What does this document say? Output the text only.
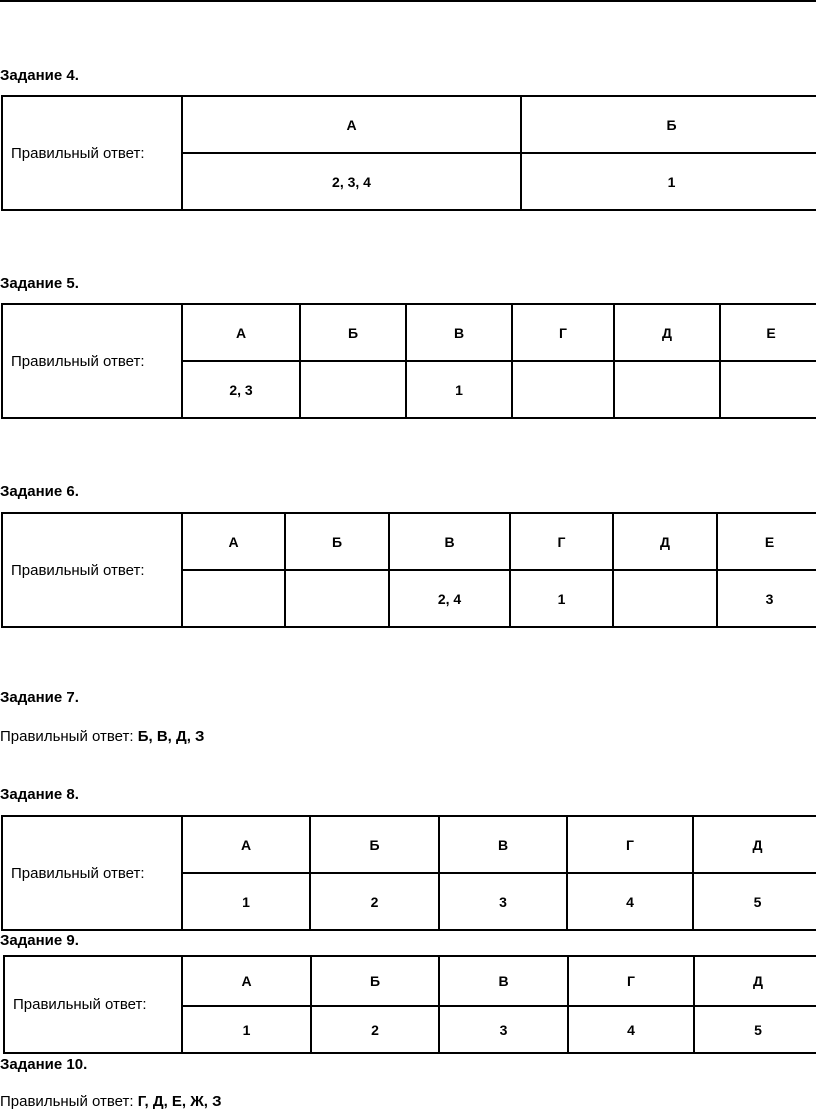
Задание 4.
Правильный ответ:	А	Б
	2, 3, 4	1
Задание 5.
Правильный ответ:	А	Б	В	Г	Д	Е
	2, 3		1			
Задание 6.
Правильный ответ:	А	Б	В	Г	Д	Е
			2, 4	1		3
Задание 7.
Правильный ответ: Б, В, Д, З
Задание 8.
Правильный ответ:	А	Б	В	Г	Д
	1	2	3	4	5
Задание 9.
Правильный ответ:	А	Б	В	Г	Д
	1	2	3	4	5
Задание 10.
Правильный ответ: Г, Д, Е, Ж, З
